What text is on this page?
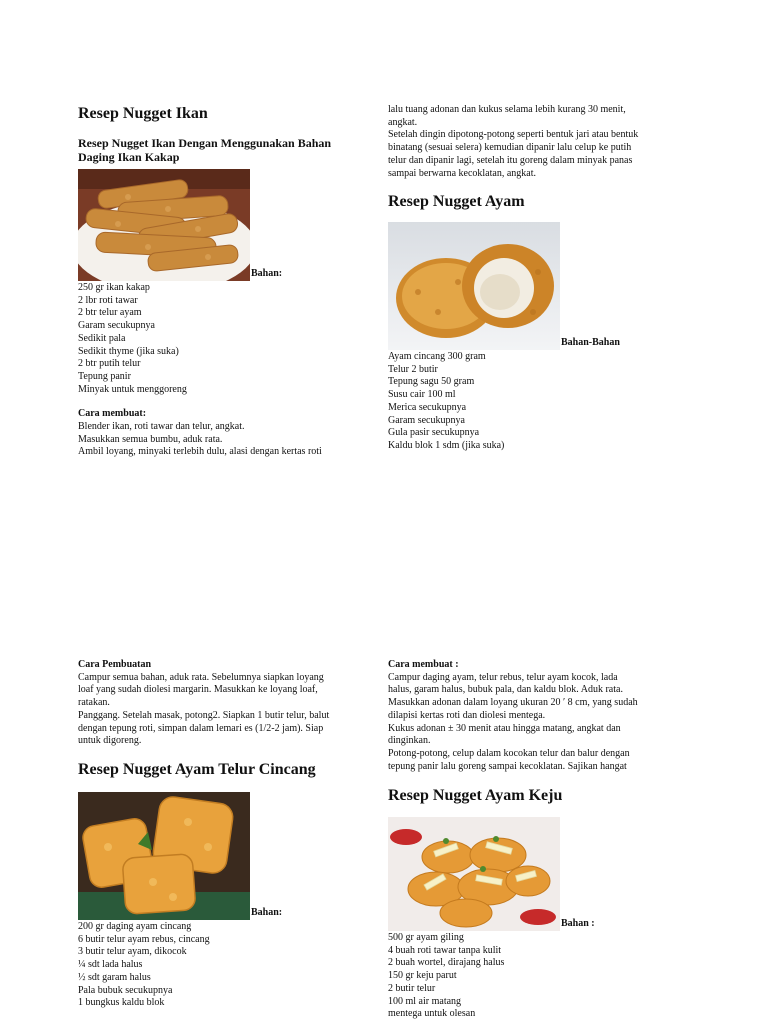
Resep Nugget Ikan
Resep Nugget Ikan Dengan Menggunakan Bahan Daging Ikan Kakap
Bahan:
250 gr ikan kakap
2 lbr roti tawar
2 btr telur ayam
Garam secukupnya
Sedikit pala
Sedikit thyme (jika suka)
2 btr putih telur
Tepung panir
Minyak untuk menggoreng

Cara membuat:

Blender ikan, roti tawar dan telur, angkat.
Masukkan semua bumbu, aduk rata.
Ambil loyang, minyaki terlebih dulu, alasi dengan kertas roti
lalu tuang adonan dan kukus selama lebih kurang 30 menit,
angkat.
Setelah dingin dipotong-potong seperti bentuk jari atau bentuk
binatang (sesuai selera) kemudian dipanir lalu celup ke putih
telur dan dipanir lagi, setelah itu goreng dalam minyak panas
sampai berwarna kecoklatan, angkat.
Resep Nugget Ayam
Bahan-Bahan
Ayam cincang 300 gram
Telur 2 butir
Tepung sagu 50 gram
Susu cair 100 ml
Merica secukupnya
Garam secukupnya
Gula pasir secukupnya
Kaldu blok 1 sdm (jika suka)

Cara Pembuatan

Campur semua bahan, aduk rata. Sebelumnya siapkan loyang
loaf yang sudah diolesi margarin. Masukkan ke loyang loaf,
ratakan.
Panggang. Setelah masak, potong2. Siapkan 1 butir telur, balut
dengan tepung roti, simpan dalam lemari es (1/2-2 jam). Siap
untuk digoreng.
Resep Nugget Ayam Telur Cincang
Bahan:
200 gr daging ayam cincang
6 butir telur ayam rebus, cincang
3 butir telur ayam, dikocok
¼ sdt lada halus
½ sdt garam halus
Pala bubuk secukupnya
1 bungkus kaldu blok

Cara membuat :

Campur daging ayam, telur rebus, telur ayam kocok, lada
halus, garam halus, bubuk pala, dan kaldu blok. Aduk rata.
Masukkan adonan dalam loyang ukuran 20 ′ 8 cm, yang sudah
dilapisi kertas roti dan diolesi mentega.
Kukus adonan ± 30 menit atau hingga matang, angkat dan
dinginkan.
Potong-potong, celup dalam kocokan telur dan balur dengan
tepung panir lalu goreng sampai kecoklatan. Sajikan hangat
Resep Nugget Ayam Keju
Bahan :
500 gr ayam giling
4 buah roti tawar tanpa kulit
2 buah wortel, dirajang halus
150 gr keju parut
2 butir telur
100 ml air matang
mentega untuk olesan
